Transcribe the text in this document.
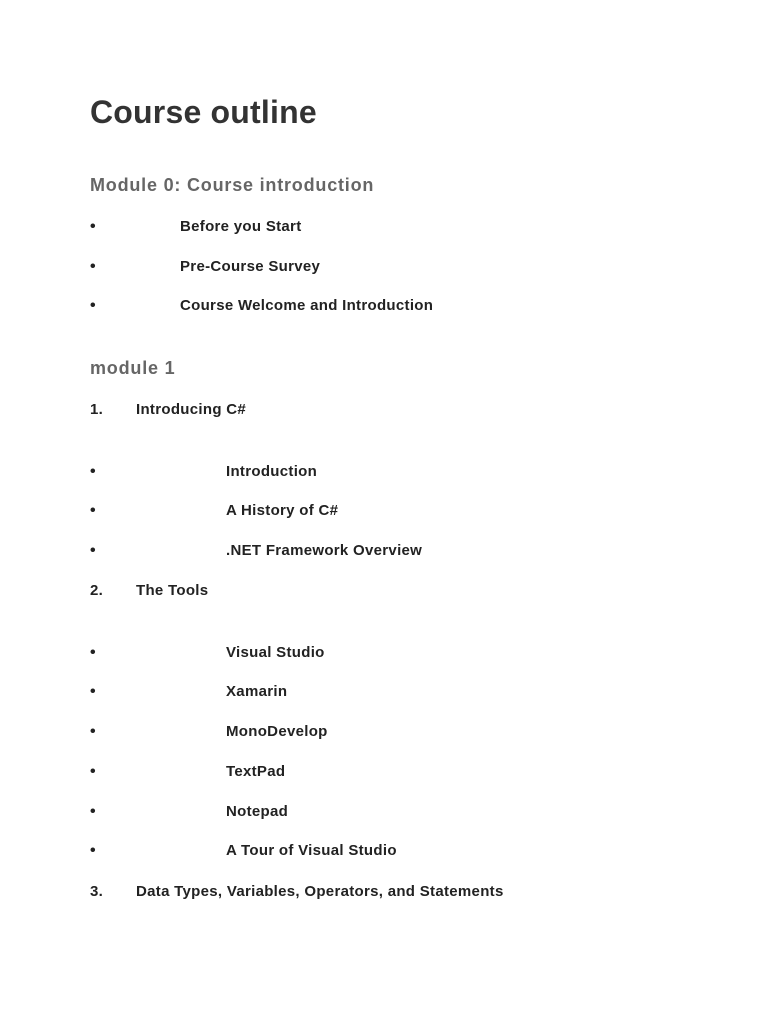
Course outline
Module 0: Course introduction
•	Before you Start
•	Pre-Course Survey
•	Course Welcome and Introduction
module 1
1. Introducing C#
•	Introduction
•	A History of C#
•	.NET Framework Overview
2. The Tools
•	Visual Studio
•	Xamarin
•	MonoDevelop
•	TextPad
•	Notepad
•	A Tour of Visual Studio
3. Data Types, Variables, Operators, and Statements
